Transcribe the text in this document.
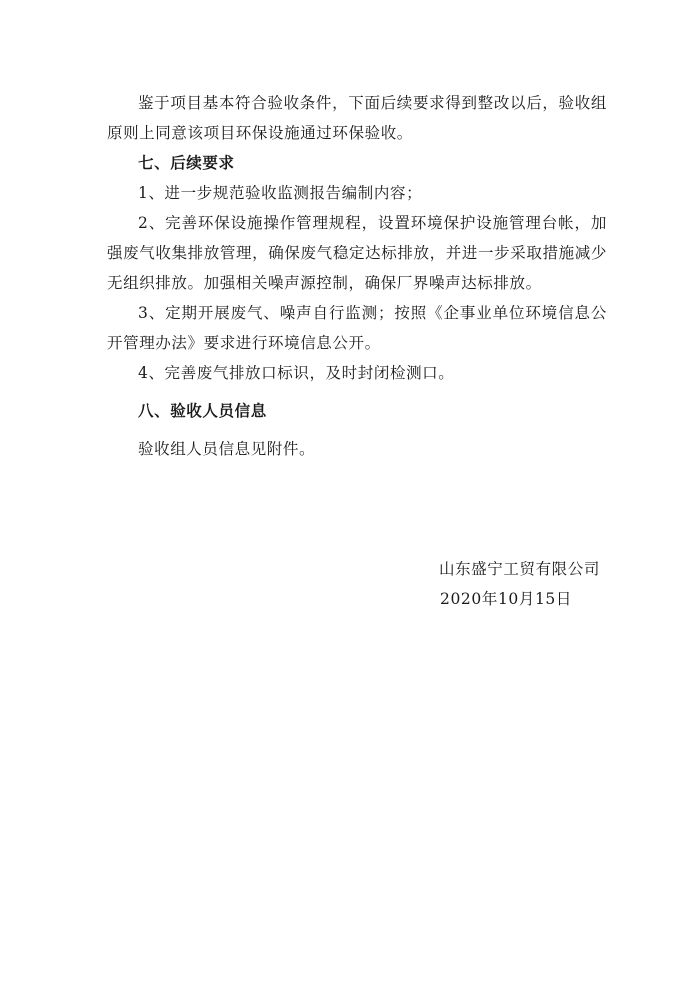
鉴于项目基本符合验收条件，下面后续要求得到整改以后，验收组原则上同意该项目环保设施通过环保验收。

七、后续要求

1、进一步规范验收监测报告编制内容；

2、完善环保设施操作管理规程，设置环境保护设施管理台帐，加强废气收集排放管理，确保废气稳定达标排放，并进一步采取措施减少无组织排放。加强相关噪声源控制，确保厂界噪声达标排放。

3、定期开展废气、噪声自行监测；按照《企事业单位环境信息公开管理办法》要求进行环境信息公开。

4、完善废气排放口标识，及时封闭检测口。

八、验收人员信息

验收组人员信息见附件。

山东盛宁工贸有限公司
2020年10月15日
